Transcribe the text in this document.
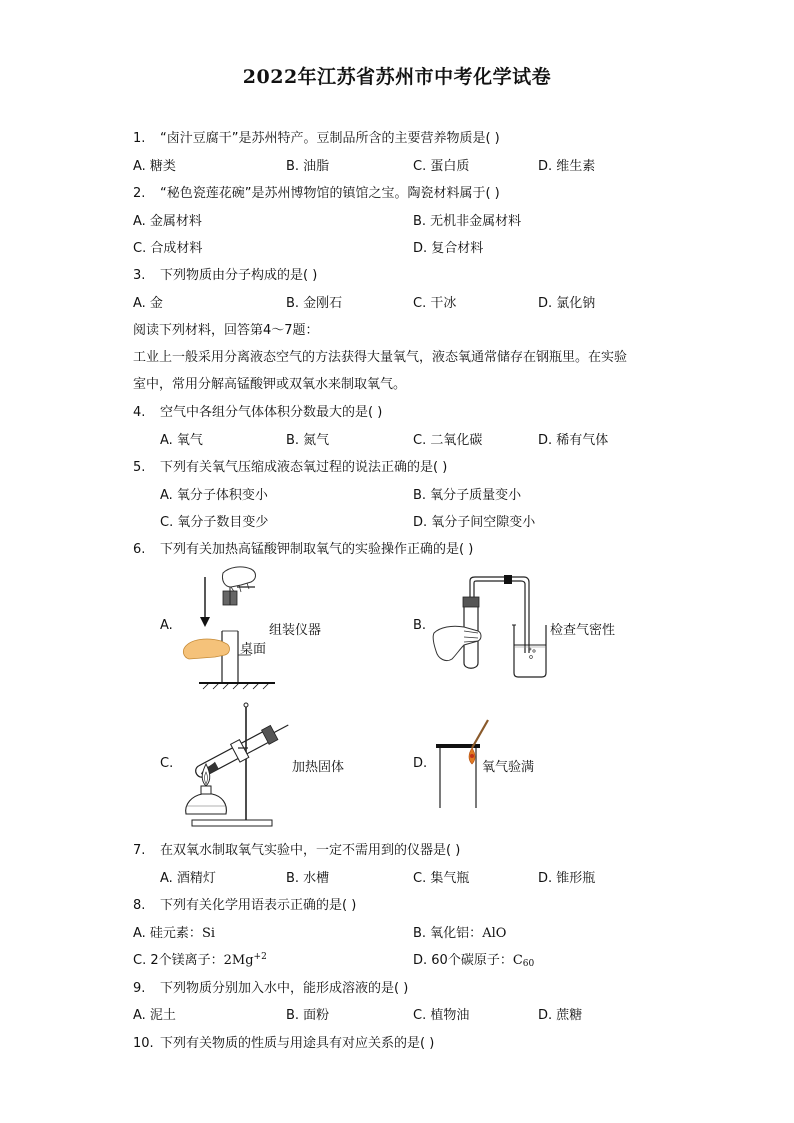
2022年江苏省苏州市中考化学试卷
1. “卤汁豆腐干”是苏州特产。豆制品所含的主要营养物质是( )
A. 糖类	B. 油脂	C. 蛋白质	D. 维生素
2. “秘色瓷莲花碗”是苏州博物馆的镇馆之宝。陶瓷材料属于( )
A. 金属材料	B. 无机非金属材料
C. 合成材料	D. 复合材料
3. 下列物质由分子构成的是( )
A. 金	B. 金刚石	C. 干冰	D. 氯化钠
阅读下列材料，回答第4～7题：
工业上一般采用分离液态空气的方法获得大量氧气，液态氧通常储存在钢瓶里。在实验
室中，常用分解高锰酸钾或双氧水来制取氧气。
4. 空气中各组分气体体积分数最大的是( )
A. 氧气	B. 氮气	C. 二氧化碳	D. 稀有气体
5. 下列有关氧气压缩成液态氧过程的说法正确的是( )
A. 氧分子体积变小	B. 氧分子质量变小
C. 氧分子数目变少	D. 氧分子间空隙变小
6. 下列有关加热高锰酸钾制取氧气的实验操作正确的是( )
A.	组装仪器
桌面
B.	检查气密性
C.	加热固体	D.	氧气验满
7. 在双氧水制取氧气实验中，一定不需用到的仪器是( )
A. 酒精灯	B. 水槽	C. 集气瓶	D. 锥形瓶
8. 下列有关化学用语表示正确的是( )
A. 硅元素：Si	B. 氧化铝：AlO
C. 2个镁离子：$2Mg^{+2}$	D. 60个碳原子：$C_{60}$
9. 下列物质分别加入水中，能形成溶液的是( )
A. 泥土	B. 面粉	C. 植物油	D. 蔗糖
10. 下列有关物质的性质与用途具有对应关系的是( )
